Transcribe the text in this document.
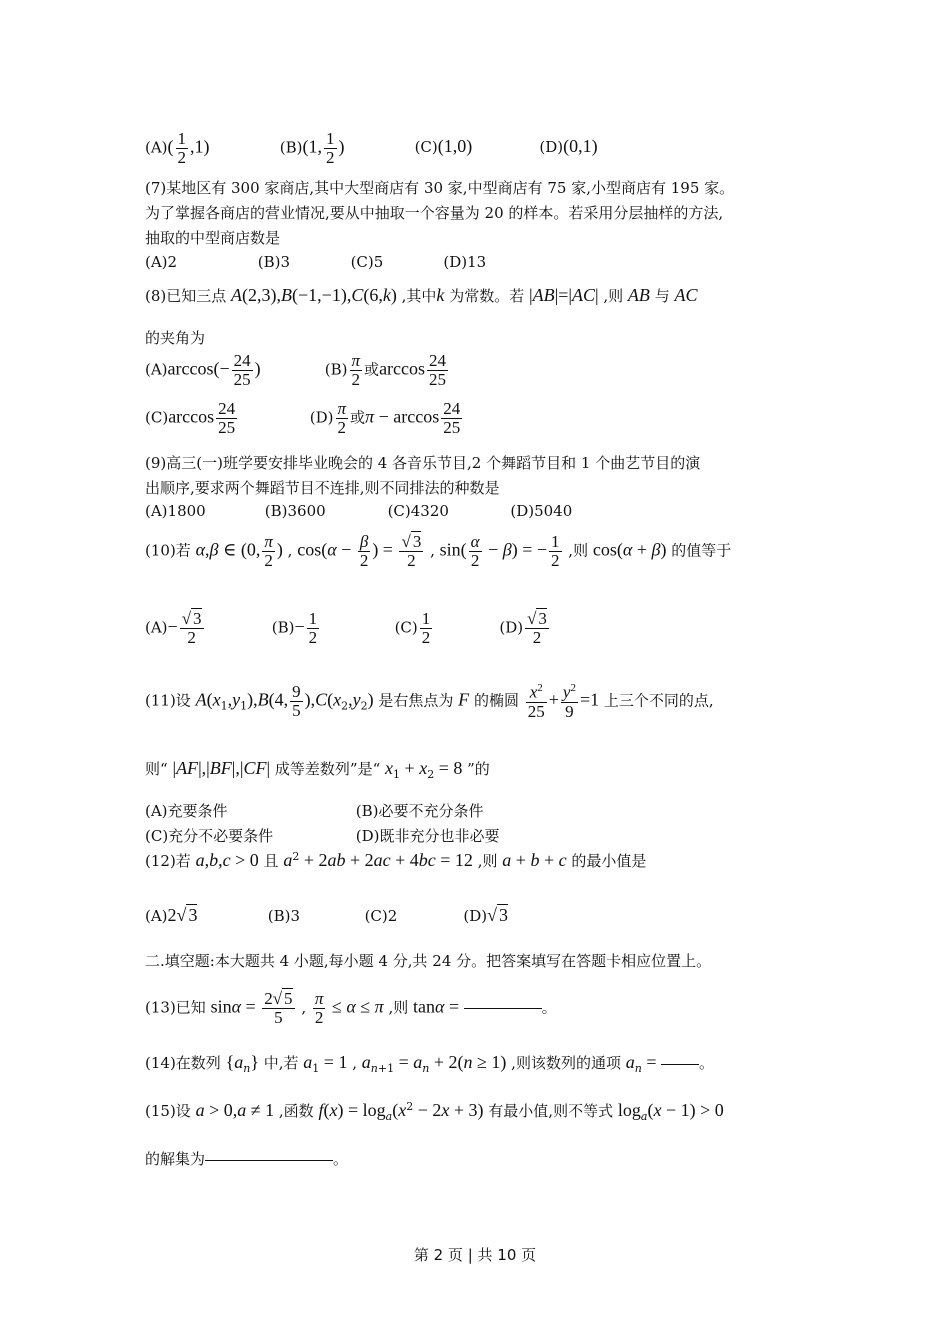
$(A)( \frac{1}{2} ,1)$	(B)(1, $\frac{1}{2}$ )	(C)(1,0)	(D)(0,1)
(7)某地区有 300 家商店,其中大型商店有 30 家,中型商店有 75 家,小型商店有 195 家。
为了掌握各商店的营业情况,要从中抽取一个容量为 20 的样本。若采用分层抽样的方法,
抽取的中型商店数是
(A)2	(B)3	(C)5	(D)13
(8)已知三点 A(2,3),B(−1,−1),C(6,k) ,其中k 为常数。若 |AB|=|AC| ,则 AB 与 AC
的夹角为
$(A)\arccos(- \frac{24}{25}$ )	$(B) \frac{\pi}{2}$ 或$\arccos \frac{24}{25}$
$(C)\arccos \frac{24}{25}$	$(D) \frac{\pi}{2}$ 或$\pi - \arccos \frac{24}{25}$
(9)高三(一)班学要安排毕业晚会的 4 各音乐节目,2 个舞蹈节目和 1 个曲艺节目的演
出顺序,要求两个舞蹈节目不连排,则不同排法的种数是
(A)1800	(B)3600	(C)4320	(D)5040
(10)若 α,β ∈ (0, $\frac{\pi}{2}$ ) , $\cos(\alpha - \frac{\beta}{2}$ ) = $\frac{√ 3}{2}$ , $\sin( \frac{\alpha}{2} - \beta)$ = − $\frac{1}{2}$ ,则 cos(α + β) 的值等于
$(A)- \frac{√ 3}{2}$	$(B)- \frac{1}{2}$	$(C) \frac{1}{2}$	$(D) \frac{√ 3}{2}$
(11)设 $A(x_1,y_1),B(4$, $\frac{9}{5} ),C(x_2,y_2)$ 是右焦点为 F 的椭圆 $\frac{x^2}{25} + \frac{y^2}{9} =1$ 上三个不同的点,
则“ |AF|,|BF|,|CF| 成等差数列”是“ $x_1 + x_2 = 8$ ”的
(A)充要条件	(B)必要不充分条件
(C)充分不必要条件	(D)既非充分也非必要
(12)若 a,b,c > 0 且 $a^2 + 2ab + 2ac + 4bc = 12$ ,则 a + b + c 的最小值是
(A)2√ 3	(B)3	(C)2	(D)√ 3
二.填空题:本大题共 4 小题,每小题 4 分,共 24 分。把答案填写在答题卡相应位置上。
(13)已知 $\sin\alpha = \frac{2√ 5}{5}$ , $\frac{\pi}{2} \le \alpha \le \pi$ ,则 tanα =	。
(14)在数列 $\{a_n\}$ 中,若 $a_1 = 1$ , $a_{n+1} = a_n + 2(n \ge 1)$ ,则该数列的通项 $a_n$ =	。
(15)设 a > 0,a ≠ 1 ,函数 $f(x) = \log_a(x^2 - 2x + 3)$ 有最小值,则不等式 $\log_a(x - 1) > 0$
的解集为	。
第 2 页 | 共 10 页
